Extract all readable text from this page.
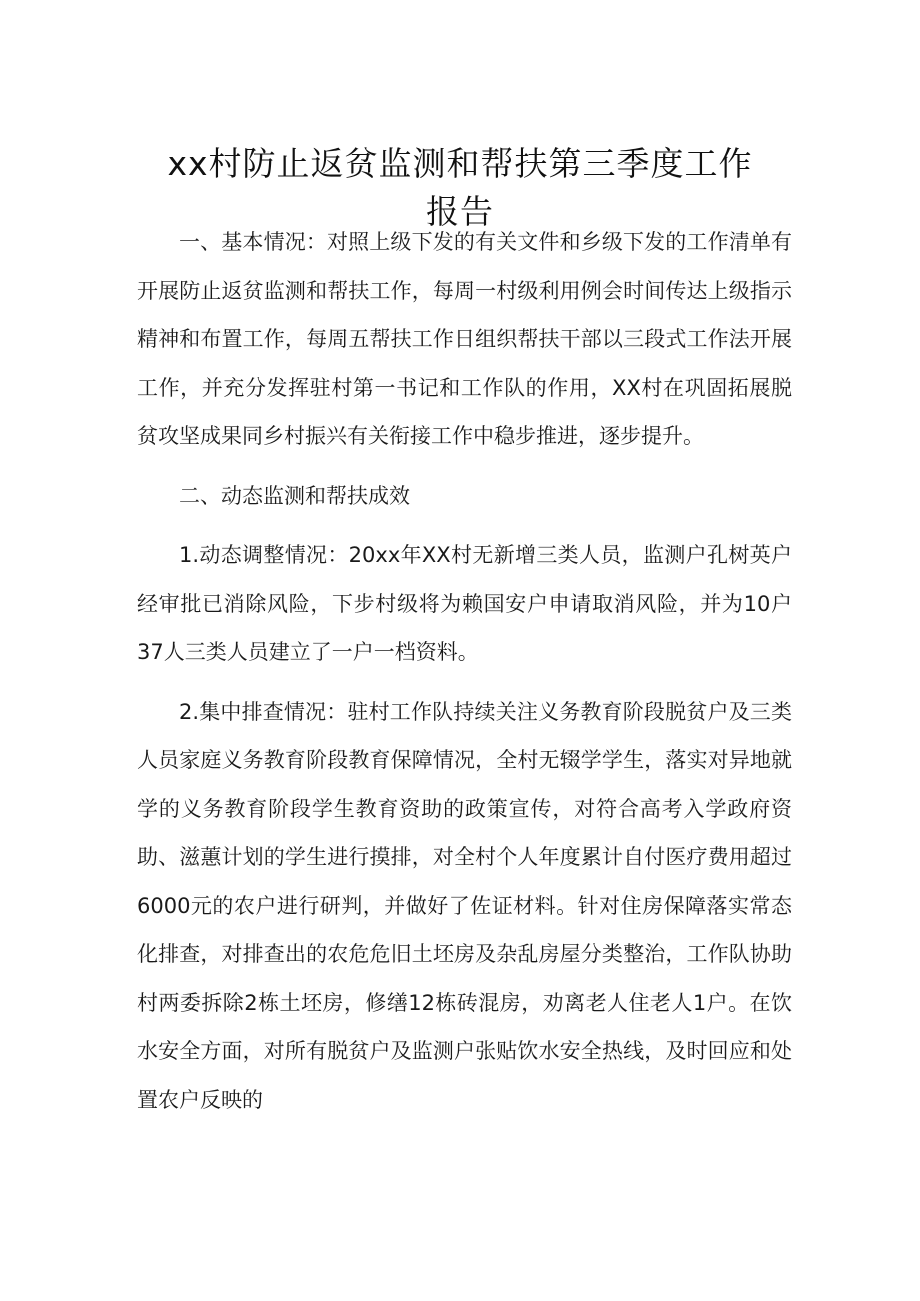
xx村防止返贫监测和帮扶第三季度工作
报告

一、基本情况：对照上级下发的有关文件和乡级下发的工作清单有开展防止返贫监测和帮扶工作，每周一村级利用例会时间传达上级指示精神和布置工作，每周五帮扶工作日组织帮扶干部以三段式工作法开展工作，并充分发挥驻村第一书记和工作队的作用，XX村在巩固拓展脱贫攻坚成果同乡村振兴有关衔接工作中稳步推进，逐步提升。

二、动态监测和帮扶成效

1.动态调整情况：20xx年XX村无新增三类人员，监测户孔树英户经审批已消除风险，下步村级将为赖国安户申请取消风险，并为10户37人三类人员建立了一户一档资料。

2.集中排查情况：驻村工作队持续关注义务教育阶段脱贫户及三类人员家庭义务教育阶段教育保障情况，全村无辍学学生，落实对异地就学的义务教育阶段学生教育资助的政策宣传，对符合高考入学政府资助、滋蕙计划的学生进行摸排，对全村个人年度累计自付医疗费用超过6000元的农户进行研判，并做好了佐证材料。针对住房保障落实常态化排查，对排查出的农危危旧土坯房及杂乱房屋分类整治，工作队协助村两委拆除2栋土坯房，修缮12栋砖混房，劝离老人住老人1户。在饮水安全方面，对所有脱贫户及监测户张贴饮水安全热线，及时回应和处置农户反映的
